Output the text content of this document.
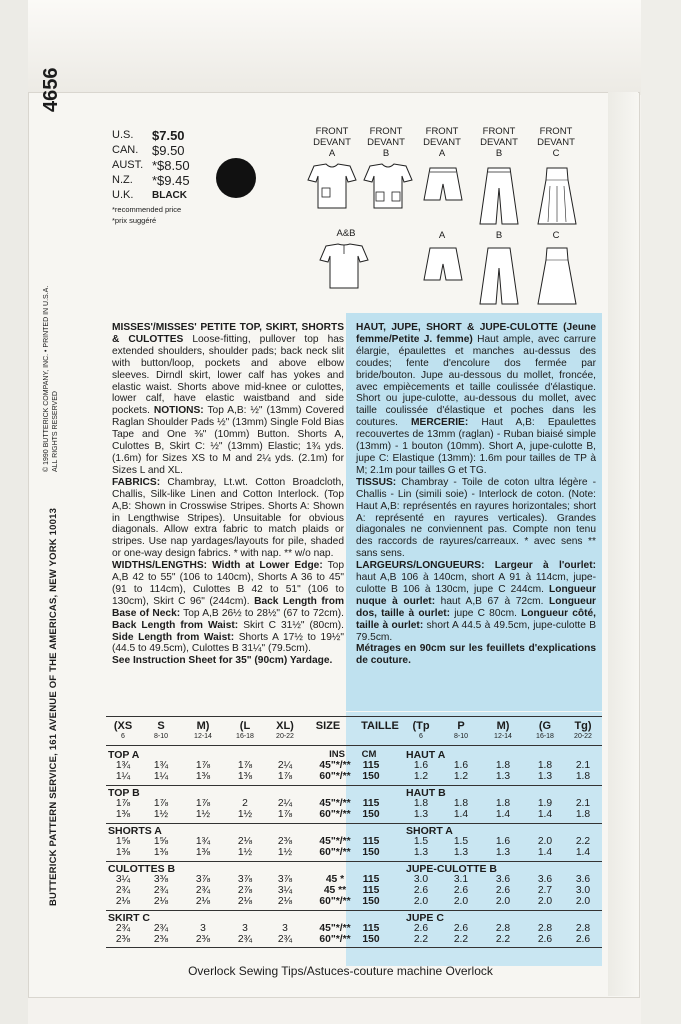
4656
© 1990 BUTTERICK COMPANY, INC. • PRINTED IN U.S.A. ALL RIGHTS RESERVED
BUTTERICK PATTERN SERVICE, 161 AVENUE OF THE AMERICAS, NEW YORK 10013
U.S.	$7.50
CAN.	$9.50
AUST. *$8.50
N.Z.	*$9.45
U.K.	BLACK
*recommended price
*prix suggéré
FRONT
DEVANT
A
FRONT
DEVANT
B
FRONT
DEVANT
A
FRONT
DEVANT
B
FRONT
DEVANT
C
A&B	A	B	C
MISSES'/MISSES' PETITE TOP, SKIRT, SHORTS & CULOTTES Loose-fitting, pullover top has extended shoulders, shoulder pads; back neck slit with button/loop, pockets and above elbow sleeves. Dirndl skirt, lower calf has yokes and elastic waist. Shorts above mid-knee or culottes, lower calf, have elastic waistband and side pockets. NOTIONS: Top A,B: ½" (13mm) Covered Raglan Shoulder Pads ½" (13mm) Single Fold Bias Tape and One ⅜" (10mm) Button. Shorts A, Culottes B, Skirt C: ½" (13mm) Elastic; 1¾ yds. (1.6m) for Sizes XS to M and 2¼ yds. (2.1m) for Sizes L and XL.
FABRICS: Chambray, Lt.wt. Cotton Broadcloth, Challis, Silk-like Linen and Cotton Interlock. (Top A,B: Shown in Crosswise Stripes. Shorts A: Shown in Lengthwise Stripes). Unsuitable for obvious diagonals. Allow extra fabric to match plaids or stripes. Use nap yardages/layouts for pile, shaded or one-way design fabrics. * with nap. ** w/o nap.
WIDTHS/LENGTHS: Width at Lower Edge: Top A,B 42 to 55" (106 to 140cm), Shorts A 36 to 45" (91 to 114cm), Culottes B 42 to 51" (106 to 130cm), Skirt C 96" (244cm). Back Length from Base of Neck: Top A,B 26½ to 28½" (67 to 72cm). Back Length from Waist: Skirt C 31½" (80cm). Side Length from Waist: Shorts A 17½ to 19½" (44.5 to 49.5cm), Culottes B 31¼" (79.5cm).
See Instruction Sheet for 35" (90cm) Yardage.
HAUT, JUPE, SHORT & JUPE-CULOTTE (Jeune femme/Petite J. femme) Haut ample, avec carrure élargie, épaulettes et manches au-dessus des coudes; fente d'encolure dos fermée par bride/bouton. Jupe au-dessous du mollet, froncée, avec empiècements et taille coulissée d'élastique. Short ou jupe-culotte, au-dessous du mollet, avec taille coulissée d'élastique et poches dans les coutures. MERCERIE: Haut A,B: Epaulettes recouvertes de 13mm (raglan) - Ruban biaisé simple (13mm) - 1 bouton (10mm). Short A, jupe-culotte B, jupe C: Elastique (13mm): 1.6m pour tailles de TP à M; 2.1m pour tailles G et TG.
TISSUS: Chambray - Toile de coton ultra légère - Challis - Lin (simili soie) - Interlock de coton. (Note: Haut A,B: représentés en rayures horizontales; short A: représenté en rayures verticales). Grandes diagonales ne conviennent pas. Compte non tenu des raccords de rayures/carreaux. * avec sens ** sans sens.
LARGEURS/LONGUEURS: Largeur à l'ourlet: haut A,B 106 à 140cm, short A 91 à 114cm, jupe-culotte B 106 à 130cm, jupe C 244cm. Longueur nuque à ourlet: haut A,B 67 à 72cm. Longueur dos, taille à ourlet: jupe C 80cm. Longueur côté, taille à ourlet: short A 44.5 à 49.5cm, jupe-culotte B 79.5cm.
Métrages en 90cm sur les feuillets d'explications de couture.
(XS	S	M)	(L	XL)	SIZE	TAILLE	(Tp	P	M)	(G	Tg)
6	8-10	12-14	16-18	20-22	6	8-10	12-14	16-18	20-22
INS	CM
TOP A	HAUT A
1¾	1¾	1⅞	1⅞	2¼	45"*/**	115	1.6	1.6	1.8	1.8	2.1
1¼	1¼	1⅜	1⅜	1⅞	60"*/**	150	1.2	1.2	1.3	1.3	1.8
TOP B	HAUT B
1⅞	1⅞	1⅞	2	2¼	45"*/**	115	1.8	1.8	1.8	1.9	2.1
1⅜	1½	1½	1½	1⅞	60"*/**	150	1.3	1.4	1.4	1.4	1.8
SHORTS A	SHORT A
1⅝	1⅝	1¾	2⅛	2⅜	45"*/**	115	1.5	1.5	1.6	2.0	2.2
1⅜	1⅜	1⅜	1½	1½	60"*/**	150	1.3	1.3	1.3	1.4	1.4
CULOTTES B	JUPE-CULOTTE B
3¼	3⅜	3⅞	3⅞	3⅞	45 *	115	3.0	3.1	3.6	3.6	3.6
2¾	2¾	2¾	2⅞	3¼	45 **	115	2.6	2.6	2.6	2.7	3.0
2⅛	2⅛	2⅛	2⅛	2⅛	60"*/**	150	2.0	2.0	2.0	2.0	2.0
SKIRT C	JUPE C
2¾	2¾	3	3	3	45"*/**	115	2.6	2.6	2.8	2.8	2.8
2⅜	2⅜	2⅜	2¾	2¾	60"*/**	150	2.2	2.2	2.2	2.6	2.6
Overlock Sewing Tips/Astuces-couture machine Overlock
